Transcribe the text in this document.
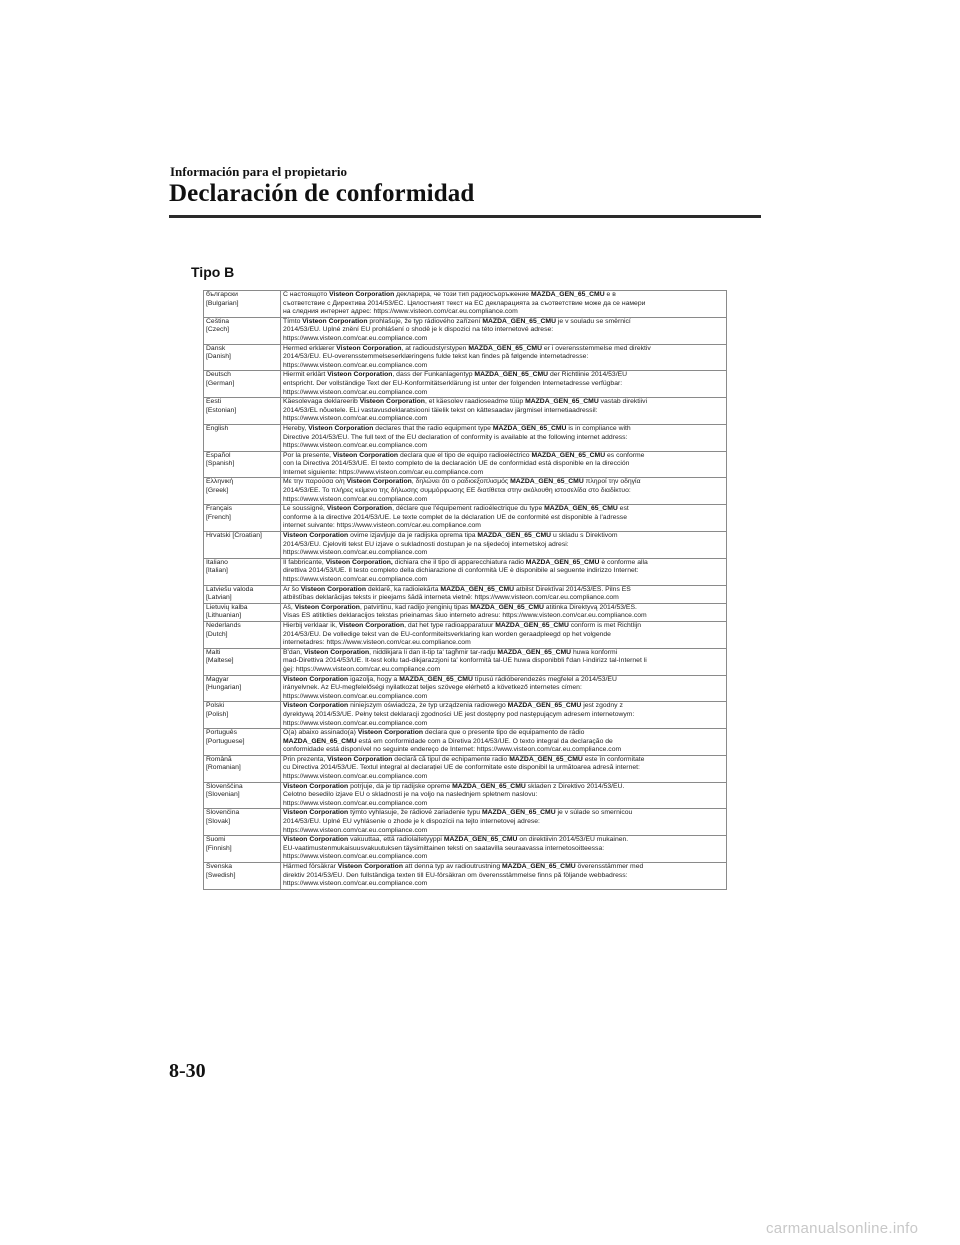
Información para el propietario
Declaración de conformidad
Tipo B
български
[Bulgarian]	С настоящото Visteon Corporation декларира, че този тип радиосъоръжение MAZDA_GEN_65_CMU е в
съответствие с Директива 2014/53/ЕС. Цялостният текст на ЕС декларацията за съответствие може да се намери
на следния интернет адрес: https://www.visteon.com/car.eu.compliance.com

Čeština
[Czech]	Tímto Visteon Corporation prohlašuje, že typ rádiového zařízení MAZDA_GEN_65_CMU je v souladu se směrnicí
2014/53/EU. Úplné znění EU prohlášení o shodě je k dispozici na této internetové adrese:
https://www.visteon.com/car.eu.compliance.com

Dansk
[Danish]	Hermed erklærer Visteon Corporation, at radioudstyrstypen MAZDA_GEN_65_CMU er i overensstemmelse med direktiv
2014/53/EU. EU-overensstemmelseserklæringens fulde tekst kan findes på følgende internetadresse:
https://www.visteon.com/car.eu.compliance.com

Deutsch
[German]	Hiermit erklärt Visteon Corporation, dass der Funkanlagentyp MAZDA_GEN_65_CMU der Richtlinie 2014/53/EU
entspricht. Der vollständige Text der EU-Konformitätserklärung ist unter der folgenden Internetadresse verfügbar:
https://www.visteon.com/car.eu.compliance.com

Eesti
[Estonian]	Käesolevaga deklareerib Visteon Corporation, et käesolev raadioseadme tüüp MAZDA_GEN_65_CMU vastab direktiivi
2014/53/EL nõuetele. ELi vastavusdeklaratsiooni täielik tekst on kättesaadav järgmisel internetiaadressil:
https://www.visteon.com/car.eu.compliance.com

English	Hereby, Visteon Corporation declares that the radio equipment type MAZDA_GEN_65_CMU is in compliance with
Directive 2014/53/EU. The full text of the EU declaration of conformity is available at the following internet address:
https://www.visteon.com/car.eu.compliance.com

Español
[Spanish]	Por la presente, Visteon Corporation declara que el tipo de equipo radioeléctrico MAZDA_GEN_65_CMU es conforme
con la Directiva 2014/53/UE. El texto completo de la declaración UE de conformidad está disponible en la dirección
Internet siguiente: https://www.visteon.com/car.eu.compliance.com

Ελληνική
[Greek]	Με την παρούσα ο/η Visteon Corporation, δηλώνει ότι ο ραδιοεξοπλισμός MAZDA_GEN_65_CMU πληροί την οδηγία
2014/53/ΕΕ. Το πλήρες κείμενο της δήλωσης συμμόρφωσης ΕΕ διατίθεται στην ακόλουθη ιστοσελίδα στο διαδίκτυο:
https://www.visteon.com/car.eu.compliance.com

Français
[French]	Le soussigné, Visteon Corporation, déclare que l'équipement radioélectrique du type MAZDA_GEN_65_CMU est
conforme à la directive 2014/53/UE. Le texte complet de la déclaration UE de conformité est disponible à l'adresse
internet suivante: https://www.visteon.com/car.eu.compliance.com

Hrvatski [Croatian]	Visteon Corporation ovime izjavljuje da je radijska oprema tipa MAZDA_GEN_65_CMU u skladu s Direktivom
2014/53/EU. Cjeloviti tekst EU izjave o sukladnosti dostupan je na sljedećoj internetskoj adresi:
https://www.visteon.com/car.eu.compliance.com

Italiano
[Italian]	Il fabbricante, Visteon Corporation, dichiara che il tipo di apparecchiatura radio MAZDA_GEN_65_CMU è conforme alla
direttiva 2014/53/UE. Il testo completo della dichiarazione di conformità UE è disponibile al seguente indirizzo Internet:
https://www.visteon.com/car.eu.compliance.com

Latviešu valoda
[Latvian]	Ar šo Visteon Corporation deklarē, ka radioiekārta MAZDA_GEN_65_CMU atbilst Direktīvai 2014/53/ES. Pilns ES
atbilstības deklarācijas teksts ir pieejams šādā interneta vietnē: https://www.visteon.com/car.eu.compliance.com

Lietuvių kalba
[Lithuanian]	Aš, Visteon Corporation, patvirtinu, kad radijo įrenginių tipas MAZDA_GEN_65_CMU atitinka Direktyvą 2014/53/ES.
Visas ES atitikties deklaracijos tekstas prieinamas šiuo interneto adresu: https://www.visteon.com/car.eu.compliance.com

Nederlands
[Dutch]	Hierbij verklaar ik, Visteon Corporation, dat het type radioapparatuur MAZDA_GEN_65_CMU conform is met Richtlijn
2014/53/EU. De volledige tekst van de EU-conformiteitsverklaring kan worden geraadpleegd op het volgende
internetadres: https://www.visteon.com/car.eu.compliance.com

Malti
[Maltese]	B'dan, Visteon Corporation, niddikjara li dan it-tip ta' tagħmir tar-radju MAZDA_GEN_65_CMU huwa konformi
mad-Direttiva 2014/53/UE. It-test kollu tad-dikjarazzjoni ta' konformità tal-UE huwa disponibbli f'dan l-indirizz tal-Internet li
ġej: https://www.visteon.com/car.eu.compliance.com

Magyar
[Hungarian]	Visteon Corporation igazolja, hogy a MAZDA_GEN_65_CMU típusú rádióberendezés megfelel a 2014/53/EU
irányelvnek. Az EU-megfelelőségi nyilatkozat teljes szövege elérhető a következő internetes címen:
https://www.visteon.com/car.eu.compliance.com

Polski
[Polish]	Visteon Corporation niniejszym oświadcza, że typ urządzenia radiowego MAZDA_GEN_65_CMU jest zgodny z
dyrektywą 2014/53/UE. Pełny tekst deklaracji zgodności UE jest dostępny pod następującym adresem internetowym:
https://www.visteon.com/car.eu.compliance.com

Português
[Portuguese]	O(a) abaixo assinado(a) Visteon Corporation declara que o presente tipo de equipamento de rádio
MAZDA_GEN_65_CMU está em conformidade com a Diretiva 2014/53/UE. O texto integral da declaração de
conformidade está disponível no seguinte endereço de Internet: https://www.visteon.com/car.eu.compliance.com

Română
[Romanian]	Prin prezenta, Visteon Corporation declară că tipul de echipamente radio MAZDA_GEN_65_CMU este în conformitate
cu Directiva 2014/53/UE. Textul integral al declarației UE de conformitate este disponibil la următoarea adresă internet:
https://www.visteon.com/car.eu.compliance.com

Slovenščina
[Slovenian]	Visteon Corporation potrjuje, da je tip radijske opreme MAZDA_GEN_65_CMU skladen z Direktivo 2014/53/EU.
Celotno besedilo izjave EU o skladnosti je na voljo na naslednjem spletnem naslovu:
https://www.visteon.com/car.eu.compliance.com

Slovenčina
[Slovak]	Visteon Corporation týmto vyhlasuje, že rádiové zariadenie typu MAZDA_GEN_65_CMU je v súlade so smernicou
2014/53/EÚ. Úplné EÚ vyhlásenie o zhode je k dispozícii na tejto internetovej adrese:
https://www.visteon.com/car.eu.compliance.com

Suomi
[Finnish]	Visteon Corporation vakuuttaa, että radiolaitetyyppi MAZDA_GEN_65_CMU on direktiivin 2014/53/EU mukainen.
EU-vaatimustenmukaisuusvakuutuksen täysimittainen teksti on saatavilla seuraavassa internetosoitteessa:
https://www.visteon.com/car.eu.compliance.com

Svenska
[Swedish]	Härmed försäkrar Visteon Corporation att denna typ av radioutrustning MAZDA_GEN_65_CMU överensstämmer med
direktiv 2014/53/EU. Den fullständiga texten till EU-försäkran om överensstämmelse finns på följande webbadress:
https://www.visteon.com/car.eu.compliance.com
8-30
carmanualsonline.info
